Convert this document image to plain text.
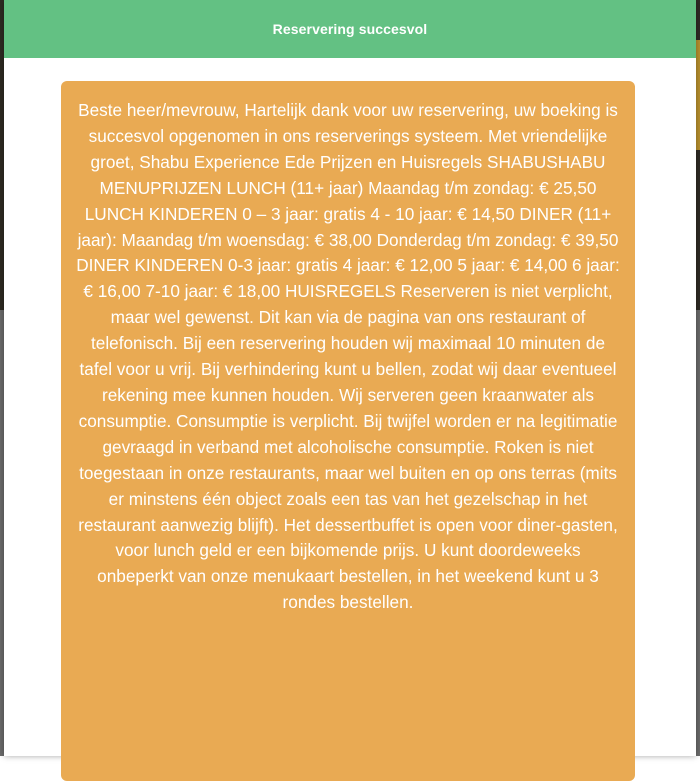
Reservering succesvol

Beste heer/mevrouw, Hartelijk dank voor uw reservering, uw boeking is succesvol opgenomen in ons reserverings systeem. Met vriendelijke groet, Shabu Experience Ede Prijzen en Huisregels SHABUSHABU MENUPRIJZEN LUNCH (11+ jaar) Maandag t/m zondag: € 25,50 LUNCH KINDEREN 0 – 3 jaar: gratis 4 - 10 jaar: € 14,50 DINER (11+ jaar): Maandag t/m woensdag: € 38,00 Donderdag t/m zondag: € 39,50 DINER KINDEREN 0-3 jaar: gratis 4 jaar: € 12,00 5 jaar: € 14,00 6 jaar: € 16,00 7-10 jaar: € 18,00 HUISREGELS Reserveren is niet verplicht, maar wel gewenst. Dit kan via de pagina van ons restaurant of telefonisch. Bij een reservering houden wij maximaal 10 minuten de tafel voor u vrij. Bij verhindering kunt u bellen, zodat wij daar eventueel rekening mee kunnen houden. Wij serveren geen kraanwater als consumptie. Consumptie is verplicht. Bij twijfel worden er na legitimatie gevraagd in verband met alcoholische consumptie. Roken is niet toegestaan in onze restaurants, maar wel buiten en op ons terras (mits er minstens één object zoals een tas van het gezelschap in het restaurant aanwezig blijft). Het dessertbuffet is open voor diner-gasten, voor lunch geld er een bijkomende prijs. U kunt doordeweeks onbeperkt van onze menukaart bestellen, in het weekend kunt u 3 rondes bestellen.
